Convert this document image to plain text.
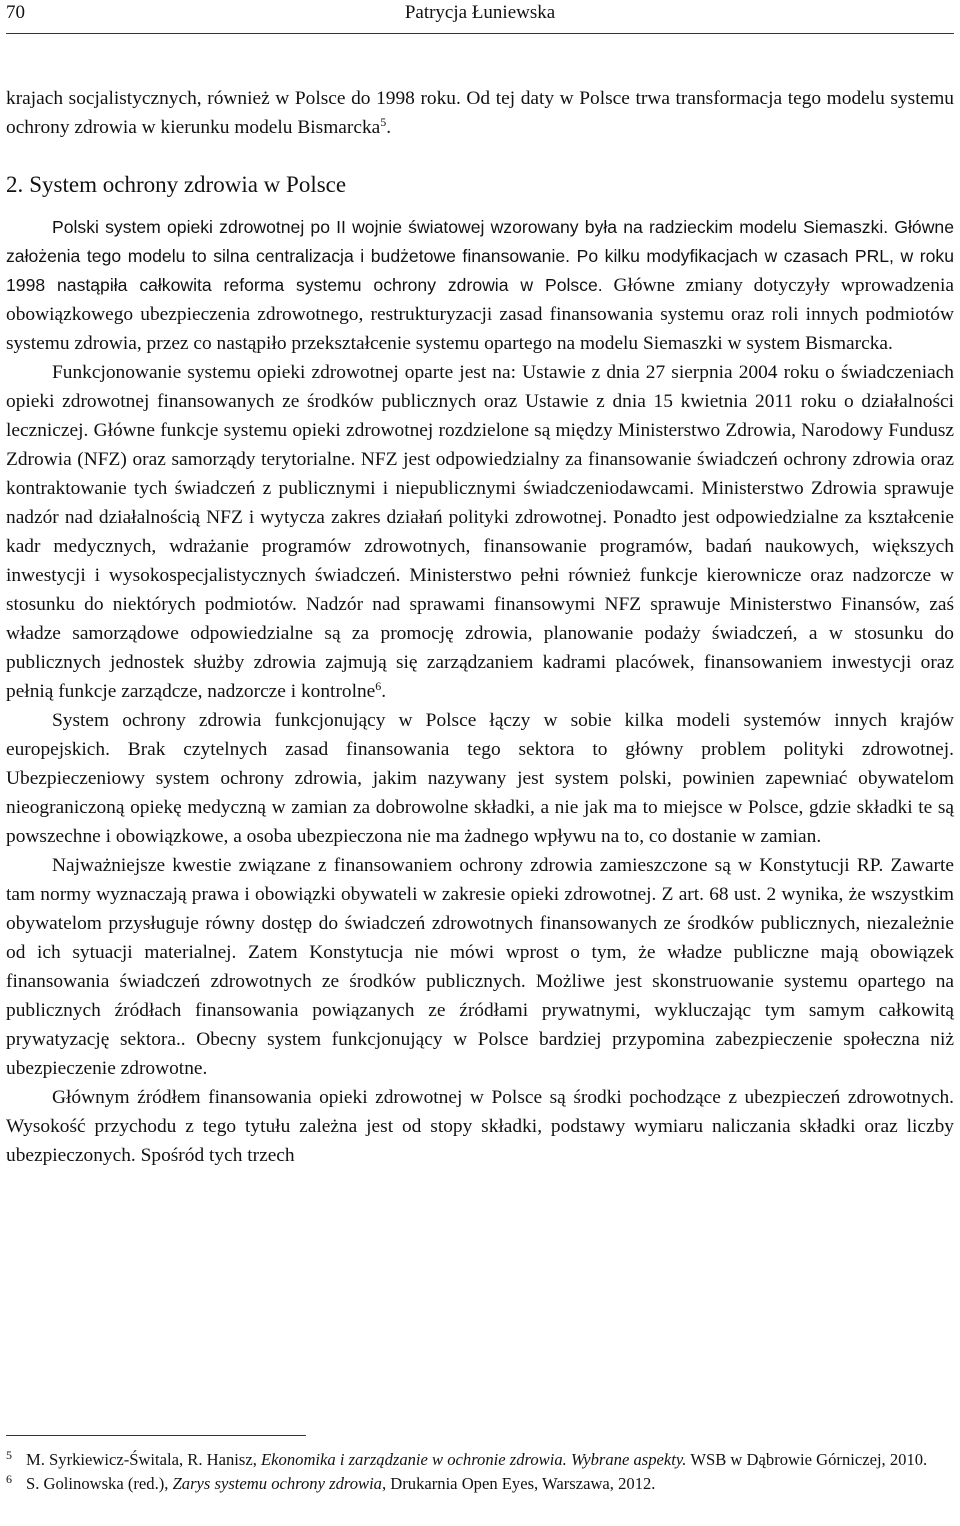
70	Patrycja Łuniewska

krajach socjalistycznych, również w Polsce do 1998 roku. Od tej daty w Polsce trwa transformacja tego modelu systemu ochrony zdrowia w kierunku modelu Bismarcka$^5$.

2. System ochrony zdrowia w Polsce

Polski system opieki zdrowotnej po II wojnie światowej wzorowany była na radzieckim modelu Siemaszki. Główne założenia tego modelu to silna centralizacja i budżetowe finansowanie. Po kilku modyfikacjach w czasach PRL, w roku 1998 nastąpiła całkowita reforma systemu ochrony zdrowia w Polsce. Główne zmiany dotyczyły wprowadzenia obowiązkowego ubezpieczenia zdrowotnego, restrukturyzacji zasad finansowania systemu oraz roli innych podmiotów systemu zdrowia, przez co nastąpiło przekształcenie systemu opartego na modelu Siemaszki w system Bismarcka.

Funkcjonowanie systemu opieki zdrowotnej oparte jest na: Ustawie z dnia 27 sierpnia 2004 roku o świadczeniach opieki zdrowotnej finansowanych ze środków publicznych oraz Ustawie z dnia 15 kwietnia 2011 roku o działalności leczniczej. Główne funkcje systemu opieki zdrowotnej rozdzielone są między Ministerstwo Zdrowia, Narodowy Fundusz Zdrowia (NFZ) oraz samorządy terytorialne. NFZ jest odpowiedzialny za finansowanie świadczeń ochrony zdrowia oraz kontraktowanie tych świadczeń z publicznymi i niepublicznymi świadczeniodawcami. Ministerstwo Zdrowia sprawuje nadzór nad działalnością NFZ i wytycza zakres działań polityki zdrowotnej. Ponadto jest odpowiedzialne za kształcenie kadr medycznych, wdrażanie programów zdrowotnych, finansowanie programów, badań naukowych, większych inwestycji i wysokospecjalistycznych świadczeń. Ministerstwo pełni również funkcje kierownicze oraz nadzorcze w stosunku do niektórych podmiotów. Nadzór nad sprawami finansowymi NFZ sprawuje Ministerstwo Finansów, zaś władze samorządowe odpowiedzialne są za promocję zdrowia, planowanie podaży świadczeń, a w stosunku do publicznych jednostek służby zdrowia zajmują się zarządzaniem kadrami placówek, finansowaniem inwestycji oraz pełnią funkcje zarządcze, nadzorcze i kontrolne$^6$.

System ochrony zdrowia funkcjonujący w Polsce łączy w sobie kilka modeli systemów innych krajów europejskich. Brak czytelnych zasad finansowania tego sektora to główny problem polityki zdrowotnej. Ubezpieczeniowy system ochrony zdrowia, jakim nazywany jest system polski, powinien zapewniać obywatelom nieograniczoną opiekę medyczną w zamian za dobrowolne składki, a nie jak ma to miejsce w Polsce, gdzie składki te są powszechne i obowiązkowe, a osoba ubezpieczona nie ma żadnego wpływu na to, co dostanie w zamian.

Najważniejsze kwestie związane z finansowaniem ochrony zdrowia zamieszczone są w Konstytucji RP. Zawarte tam normy wyznaczają prawa i obowiązki obywateli w zakresie opieki zdrowotnej. Z art. 68 ust. 2 wynika, że wszystkim obywatelom przysługuje równy dostęp do świadczeń zdrowotnych finansowanych ze środków publicznych, niezależnie od ich sytuacji materialnej. Zatem Konstytucja nie mówi wprost o tym, że władze publiczne mają obowiązek finansowania świadczeń zdrowotnych ze środków publicznych. Możliwe jest skonstruowanie systemu opartego na publicznych źródłach finansowania powiązanych ze źródłami prywatnymi, wykluczając tym samym całkowitą prywatyzację sektora.. Obecny system funkcjonujący w Polsce bardziej przypomina zabezpieczenie społeczna niż ubezpieczenie zdrowotne.

Głównym źródłem finansowania opieki zdrowotnej w Polsce są środki pochodzące z ubezpieczeń zdrowotnych. Wysokość przychodu z tego tytułu zależna jest od stopy składki, podstawy wymiaru naliczania składki oraz liczby ubezpieczonych. Spośród tych trzech

5 M. Syrkiewicz-Świtala, R. Hanisz, Ekonomika i zarządzanie w ochronie zdrowia. Wybrane aspekty. WSB w Dąbrowie Górniczej, 2010.
6 S. Golinowska (red.), Zarys systemu ochrony zdrowia, Drukarnia Open Eyes, Warszawa, 2012.
